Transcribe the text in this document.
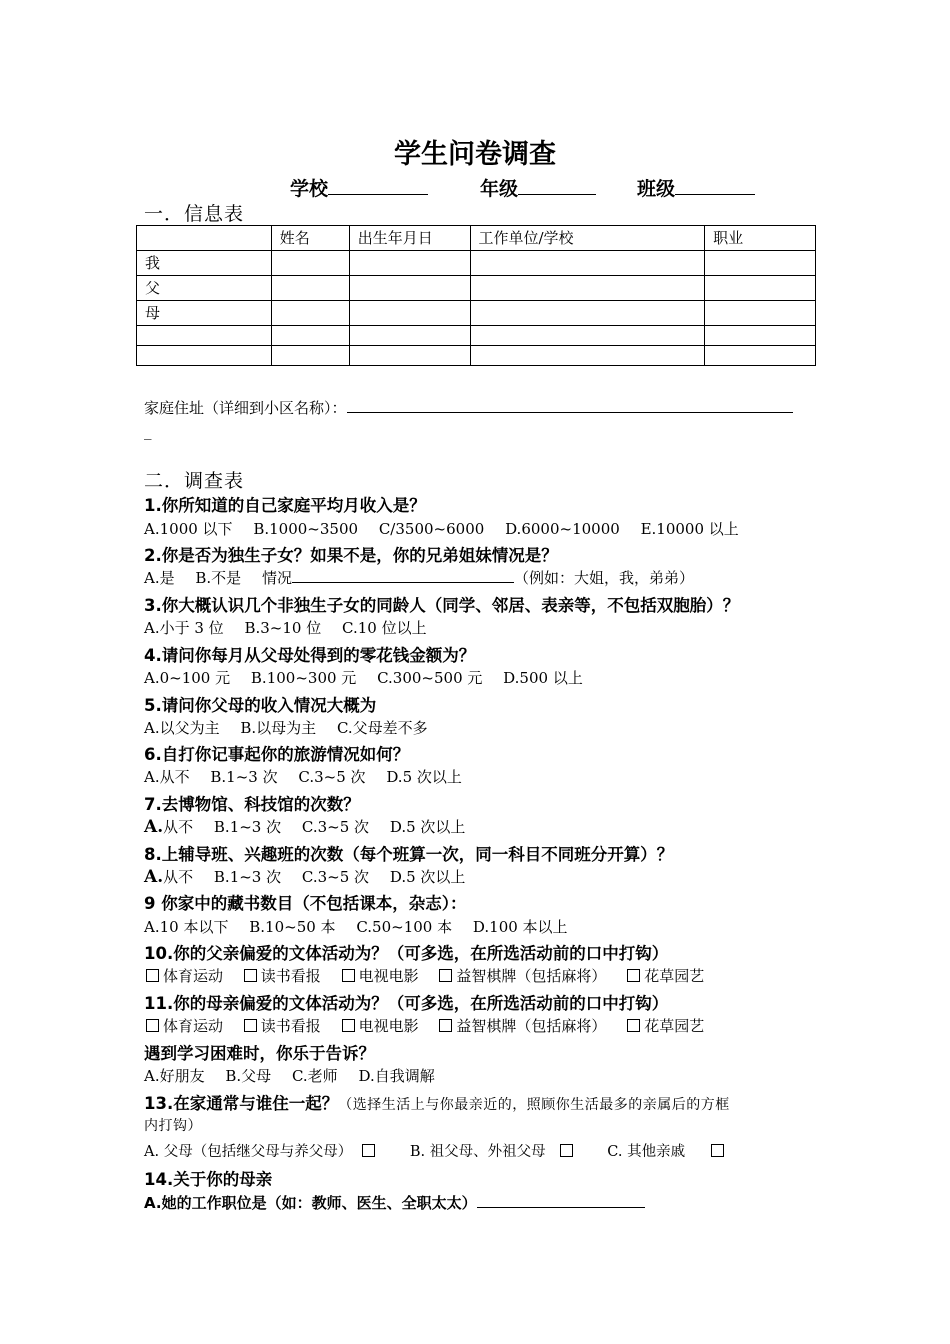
学生问卷调查
学校	年级	班级
一．信息表
	姓名	出生年月日	工作单位/学校	职业
我				
父				
母				

家庭住址（详细到小区名称）：
_
二．调查表
1.你所知道的自己家庭平均月收入是？
A.1000 以下 B.1000~3500 C/3500~6000 D.6000~10000 E.10000 以上
2.你是否为独生子女？如果不是，你的兄弟姐妹情况是？
A.是 B.不是 情况	（例如：大姐，我，弟弟）
3.你大概认识几个非独生子女的同龄人（同学、邻居、表亲等，不包括双胞胎）？
A.小于 3 位 B.3~10 位 C.10 位以上
4.请问你每月从父母处得到的零花钱金额为？
A.0~100 元 B.100~300 元 C.300~500 元 D.500 以上
5.请问你父母的收入情况大概为
A.以父为主 B.以母为主 C.父母差不多
6.自打你记事起你的旅游情况如何？
A.从不 B.1~3 次 C.3~5 次 D.5 次以上
7.去博物馆、科技馆的次数？
A.从不 B.1~3 次 C.3~5 次 D.5 次以上
8.上辅导班、兴趣班的次数（每个班算一次，同一科目不同班分开算）？
A.从不 B.1~3 次 C.3~5 次 D.5 次以上
9 你家中的藏书数目（不包括课本，杂志）：
A.10 本以下 B.10~50 本 C.50~100 本 D.100 本以上
10.你的父亲偏爱的文体活动为？（可多选，在所选活动前的口中打钩）
体育运动	读书看报	电视电影	益智棋牌（包括麻将）	花草园艺
11.你的母亲偏爱的文体活动为？（可多选，在所选活动前的口中打钩）
体育运动	读书看报	电视电影	益智棋牌（包括麻将）	花草园艺
遇到学习困难时，你乐于告诉？
A.好朋友 B.父母 C.老师 D.自我调解
13.在家通常与谁住一起？（选择生活上与你最亲近的，照顾你生活最多的亲属后的方框
内打钩）
A. 父母（包括继父母与养父母）	B. 祖父母、外祖父母	C. 其他亲戚
14.关于你的母亲
A.她的工作职位是（如：教师、医生、全职太太）
